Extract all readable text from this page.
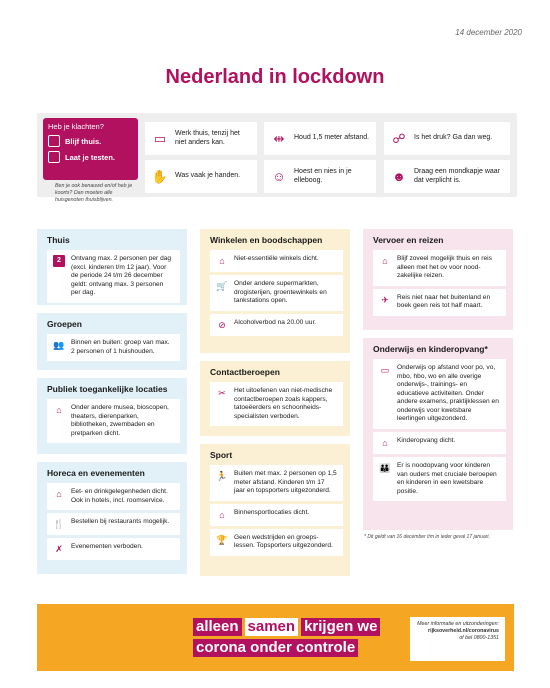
14 december 2020
Nederland in lockdown
Heb je klachten?
Blijf thuis.
Laat je testen.
Ben je ook benauwd en/of heb je koorts? Dan moeten alle huisgenoten thuisblijven.
▭	Werk thuis, tenzij het niet anders kan.	⇹	Houd 1,5 meter afstand. ☍	Is het druk? Ga dan weg.
✋ Was vaak je handen. ☺	Hoest en nies in je elleboog.	☻	Draag een mondkapje waar dat verplicht is.
Thuis
2	Ontvang max. 2 personen per dag (excl. kinderen t/m 12 jaar). Voor de periode 24 t/m 26 december geldt: ontvang max. 3 personen per dag.
Groepen
👥 Binnen en buiten: groep van max. 2 personen of 1 huishouden.
Publiek toegankelijke locaties
⌂	Onder andere musea, bioscopen, theaters, dierenparken, bibliotheken, zwembaden en pretparken dicht.
Horeca en evenementen
⌂	Eet- en drinkgelegenheden dicht. Ook in hotels, incl. roomservice.
🍴 Bestellen bij restaurants mogelijk.
✗	Evenementen verboden.
Winkelen en boodschappen
⌂	Niet-essentiële winkels dicht.
🛒 Onder andere supermarkten, drogisterijen, groentewinkels en tankstations open.
⊘	Alcoholverbod na 20.00 uur.
Contactberoepen
✂	Het uitoefenen van niet-medische contactberoepen zoals kappers, tatoeëerders en schoonheids-specialisten verboden.
Sport
🏃 Buiten met max. 2 personen op 1,5 meter afstand. Kinderen t/m 17 jaar en topsporters uitgezonderd.
⌂	Binnensportlocaties dicht.
🏆 Geen wedstrijden en groeps-lessen. Topsporters uitgezonderd.
Vervoer en reizen
⌂	Blijf zoveel mogelijk thuis en reis alleen met het ov voor nood-zakelijke reizen.
✈	Reis niet naar het buitenland en boek geen reis tot half maart.
Onderwijs en kinderopvang*
▭ Onderwijs op afstand voor po, vo, mbo, hbo, wo en alle overige onderwijs-, trainings- en educatieve activiteiten. Onder andere examens, praktijklessen en onderwijs voor kwetsbare leerlingen uitgezonderd.
⌂	Kinderopvang dicht.
👪 Er is noodopvang voor kinderen van ouders met cruciale beroepen en kinderen in een kwetsbare positie.
* Dit geldt van 16 december t/m in ieder geval 17 januari.
alleen samen krijgen we
corona onder controle
Meer informatie en uitzonderingen:
rijksoverheid.nl/coronavirus
of bel 0800-1351
